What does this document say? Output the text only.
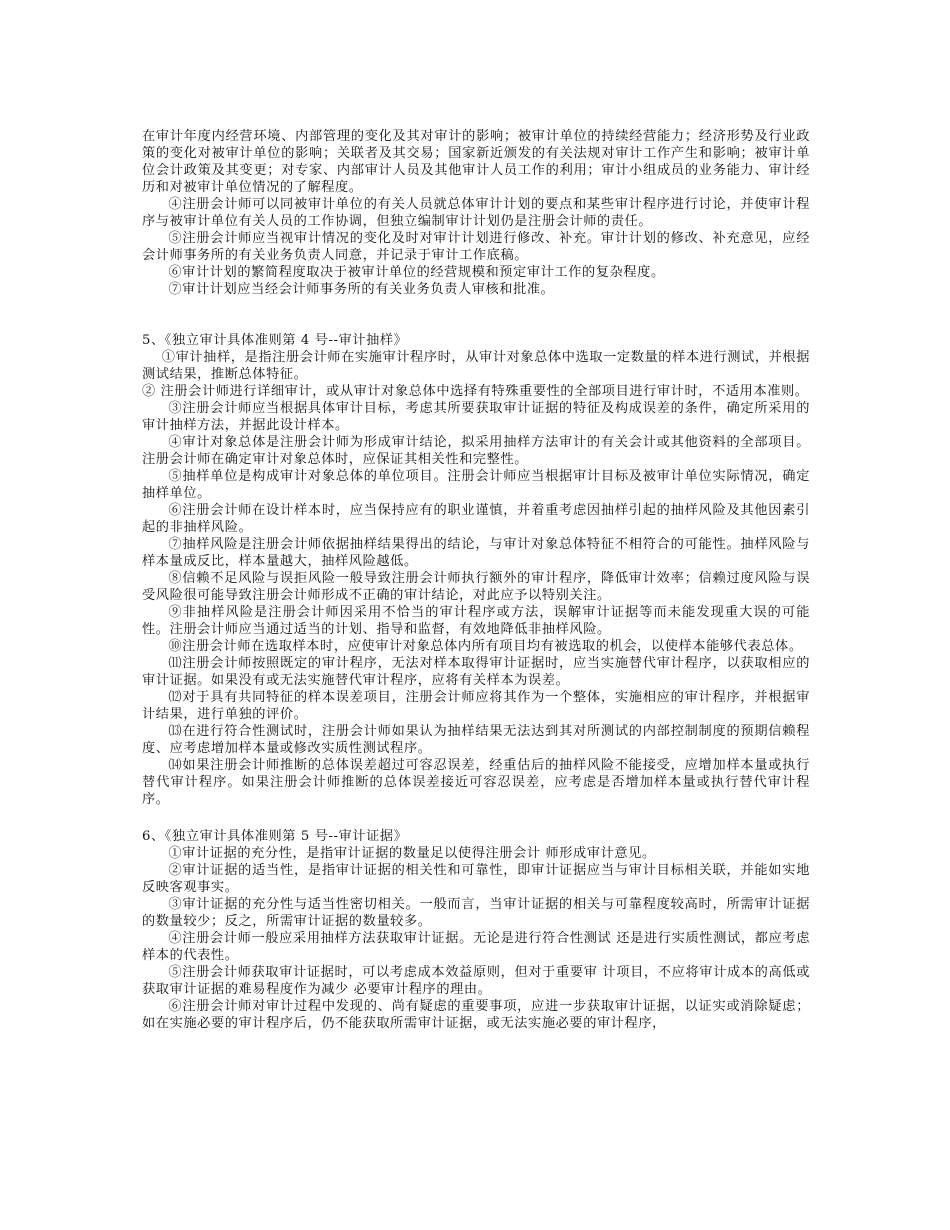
在审计年度内经营环境、内部管理的变化及其对审计的影响；被审计单位的持续经营能力；经济形势及行业政策的变化对被审计单位的影响；关联者及其交易；国家新近颁发的有关法规对审计工作产生和影响；被审计单位会计政策及其变更；对专家、内部审计人员及其他审计人员工作的利用；审计小组成员的业务能力、审计经历和对被审计单位情况的了解程度。

④注册会计师可以同被审计单位的有关人员就总体审计计划的要点和某些审计程序进行讨论，并使审计程序与被审计单位有关人员的工作协调，但独立编制审计计划仍是注册会计师的责任。

⑤注册会计师应当视审计情况的变化及时对审计计划进行修改、补充。审计计划的修改、补充意见，应经会计师事务所的有关业务负责人同意，并记录于审计工作底稿。

⑥审计计划的繁简程度取决于被审计单位的经营规模和预定审计工作的复杂程度。

⑦审计计划应当经会计师事务所的有关业务负责人审核和批准。

5、《独立审计具体准则第 4 号--审计抽样》

①审计抽样，是指注册会计师在实施审计程序时，从审计对象总体中选取一定数量的样本进行测试，并根据测试结果，推断总体特征。

② 注册会计师进行详细审计，或从审计对象总体中选择有特殊重要性的全部项目进行审计时，不适用本准则。

③注册会计师应当根据具体审计目标，考虑其所要获取审计证据的特征及构成误差的条件，确定所采用的审计抽样方法，并据此设计样本。

④审计对象总体是注册会计师为形成审计结论，拟采用抽样方法审计的有关会计或其他资料的全部项目。注册会计师在确定审计对象总体时，应保证其相关性和完整性。

⑤抽样单位是构成审计对象总体的单位项目。注册会计师应当根据审计目标及被审计单位实际情况，确定抽样单位。

⑥注册会计师在设计样本时，应当保持应有的职业谨慎，并着重考虑因抽样引起的抽样风险及其他因素引起的非抽样风险。

⑦抽样风险是注册会计师依据抽样结果得出的结论，与审计对象总体特征不相符合的可能性。抽样风险与样本量成反比，样本量越大，抽样风险越低。

⑧信赖不足风险与误拒风险一般导致注册会计师执行额外的审计程序，降低审计效率；信赖过度风险与误受风险很可能导致注册会计师形成不正确的审计结论，对此应予以特别关注。

⑨非抽样风险是注册会计师因采用不恰当的审计程序或方法，误解审计证据等而未能发现重大误的可能性。注册会计师应当通过适当的计划、指导和监督，有效地降低非抽样风险。

⑩注册会计师在选取样本时，应使审计对象总体内所有项目均有被选取的机会，以使样本能够代表总体。

⑾注册会计师按照既定的审计程序，无法对样本取得审计证据时，应当实施替代审计程序，以获取相应的审计证据。如果没有或无法实施替代审计程序，应将有关样本为误差。

⑿对于具有共同特征的样本误差项目，注册会计师应将其作为一个整体，实施相应的审计程序，并根据审计结果，进行单独的评价。

⒀在进行符合性测试时，注册会计师如果认为抽样结果无法达到其对所测试的内部控制制度的预期信赖程度、应考虑增加样本量或修改实质性测试程序。

⒁如果注册会计师推断的总体误差超过可容忍误差，经重估后的抽样风险不能接受，应增加样本量或执行替代审计程序。如果注册会计师推断的总体误差接近可容忍误差，应考虑是否增加样本量或执行替代审计程序。

6、《独立审计具体准则第 5 号--审计证据》

①审计证据的充分性，是指审计证据的数量足以使得注册会计 师形成审计意见。

②审计证据的适当性，是指审计证据的相关性和可靠性，即审计证据应当与审计目标相关联，并能如实地反映客观事实。

③审计证据的充分性与适当性密切相关。一般而言，当审计证据的相关与可靠程度较高时，所需审计证据的数量较少；反之，所需审计证据的数量较多。

④注册会计师一般应采用抽样方法获取审计证据。无论是进行符合性测试 还是进行实质性测试，都应考虑样本的代表性。

⑤注册会计师获取审计证据时，可以考虑成本效益原则，但对于重要审 计项目，不应将审计成本的高低或获取审计证据的难易程度作为减少 必要审计程序的理由。

⑥注册会计师对审计过程中发现的、尚有疑虑的重要事项，应进一步获取审计证据，以证实或消除疑虑；如在实施必要的审计程序后，仍不能获取所需审计证据，或无法实施必要的审计程序，
